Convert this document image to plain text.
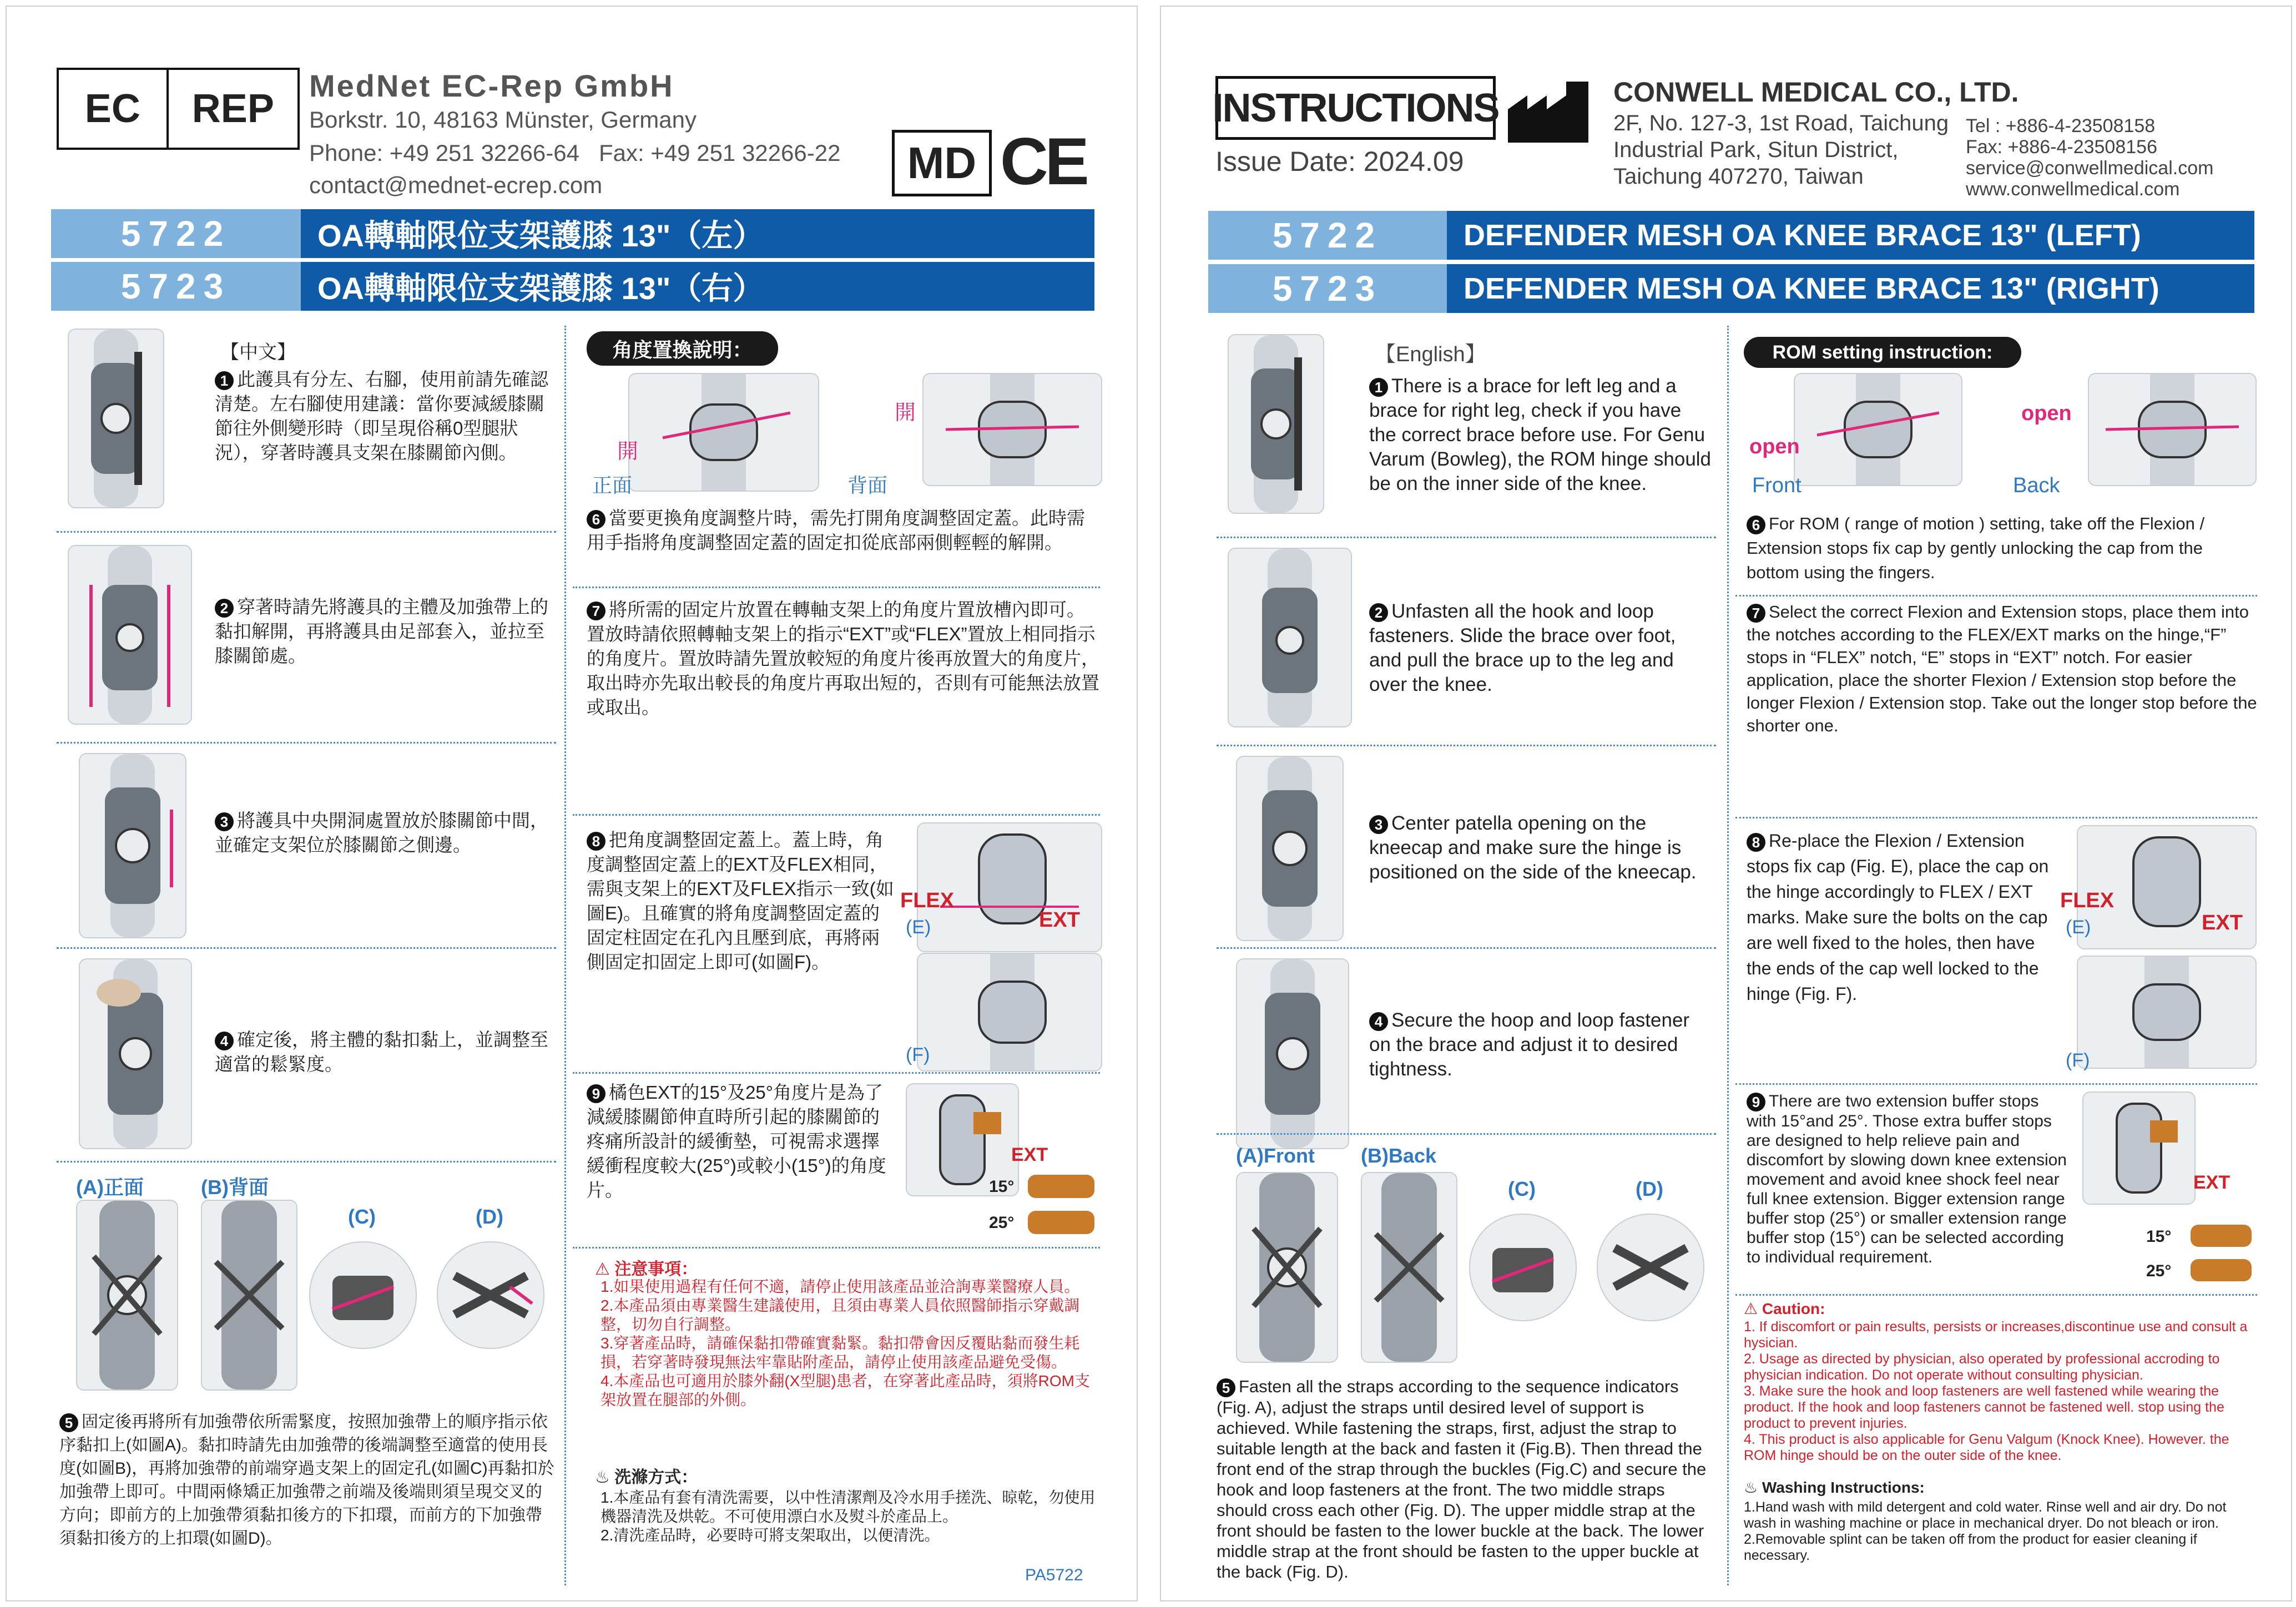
EC	REP
MedNet EC-Rep GmbH
Borkstr. 10, 48163 Münster, Germany
Phone: +49 251 32266-64   Fax: +49 251 32266-22
contact@mednet-ecrep.com	MD CE
5722	OA轉軸限位支架護膝 13"（左）
5723	OA轉軸限位支架護膝 13"（右）
【中文】
1 此護具有分左、右腳，使用前請先確認清楚。左右腳使用建議：當你要減緩膝關節往外側變形時（即呈現俗稱0型腿狀況），穿著時護具支架在膝關節內側。
2 穿著時請先將護具的主體及加強帶上的黏扣解開，再將護具由足部套入，並拉至膝關節處。
3 將護具中央開洞處置放於膝關節中間，並確定支架位於膝關節之側邊。
4 確定後，將主體的黏扣黏上，並調整至適當的鬆緊度。
(A)正面	(B)背面
(C)	(D)
5 固定後再將所有加強帶依所需緊度，按照加強帶上的順序指示依序黏扣上(如圖A)。黏扣時請先由加強帶的後端調整至適當的使用長度(如圖B)，再將加強帶的前端穿過支架上的固定孔(如圖C)再黏扣於加強帶上即可。中間兩條矯正加強帶之前端及後端則須呈現交叉的方向；即前方的上加強帶須黏扣後方的下扣環，而前方的下加強帶須黏扣後方的上扣環(如圖D)。
角度置換說明：
開
開
正面	背面
6 當要更換角度調整片時，需先打開角度調整固定蓋。此時需用手指將角度調整固定蓋的固定扣從底部兩側輕輕的解開。
7 將所需的固定片放置在轉軸支架上的角度片置放槽內即可。置放時請依照轉軸支架上的指示“EXT”或“FLEX”置放上相同指示的角度片。置放時請先置放較短的角度片後再放置大的角度片，取出時亦先取出較長的角度片再取出短的，否則有可能無法放置或取出。
8 把角度調整固定蓋上。蓋上時，角度調整固定蓋上的EXT及FLEX相同，需與支架上的EXT及FLEX指示一致(如圖E)。且確實的將角度調整固定蓋的固定柱固定在孔內且壓到底，再將兩側固定扣固定上即可(如圖F)。
FLEX
EXT
(E)
(F)
9 橘色EXT的15°及25°角度片是為了減緩膝關節伸直時所引起的膝關節的疼痛所設計的緩衝墊，可視需求選擇緩衝程度較大(25°)或較小(15°)的角度片。
EXT
15°
25°
⚠ 注意事項：
1.如果使用過程有任何不適，請停止使用該產品並洽詢專業醫療人員。
2.本產品須由專業醫生建議使用，且須由專業人員依照醫師指示穿戴調整，切勿自行調整。
3.穿著產品時，請確保黏扣帶確實黏緊。黏扣帶會因反覆貼黏而發生耗損，若穿著時發現無法牢靠貼附產品，請停止使用該產品避免受傷。
4.本產品也可適用於膝外翻(X型腿)患者，在穿著此產品時，須將ROM支架放置在腿部的外側。
♨ 洗滌方式：
1.本產品有套有清洗需要，以中性清潔劑及冷水用手搓洗、晾乾，勿使用機器清洗及烘乾。不可使用漂白水及熨斗於產品上。
2.清洗產品時，必要時可將支架取出，以便清洗。
PA5722
INSTRUCTIONS
Issue Date: 2024.09
CONWELL MEDICAL CO., LTD.
2F, No. 127-3, 1st Road, Taichung
Industrial Park, Situn District,
Taichung 407270, Taiwan
Tel : +886-4-23508158
Fax: +886-4-23508156
service@conwellmedical.com
www.conwellmedical.com
5722	DEFENDER MESH OA KNEE BRACE 13" (LEFT)
5723	DEFENDER MESH OA KNEE BRACE 13" (RIGHT)
【English】
1 There is a brace for left leg and a brace for right leg, check if you have the correct brace before use. For Genu Varum (Bowleg), the ROM hinge should be on the inner side of the knee.
2 Unfasten all the hook and loop fasteners. Slide the brace over foot, and pull the brace up to the leg and over the knee.
3 Center patella opening on the kneecap and make sure the hinge is positioned on the side of the kneecap.
4 Secure the hoop and loop fastener on the brace and adjust it to desired tightness.
(A)Front (B)Back
(C)	(D)
5 Fasten all the straps according to the sequence indicators (Fig. A), adjust the straps until desired level of support is achieved. While fastening the straps, first, adjust the strap to suitable length at the back and fasten it (Fig.B). Then thread the front end of the strap through the buckles (Fig.C) and secure the hook and loop fasteners at the front. The two middle straps should cross each other (Fig. D). The upper middle strap at the front should be fasten to the lower buckle at the back. The lower middle strap at the front should be fasten to the upper buckle at the back (Fig. D).
ROM setting instruction:
open
open
Front	Back
6 For ROM ( range of motion ) setting, take off the Flexion / Extension stops fix cap by gently unlocking the cap from the bottom using the fingers.
7 Select the correct Flexion and Extension stops, place them into the notches according to the FLEX/EXT marks on the hinge,“F” stops in “FLEX” notch, “E” stops in “EXT” notch. For easier application, place the shorter Flexion / Extension stop before the longer Flexion / Extension stop. Take out the longer stop before the shorter one.
8 Re-place the Flexion / Extension stops fix cap (Fig. E), place the cap on the hinge accordingly to FLEX / EXT marks. Make sure the bolts on the cap are well fixed to the holes, then have the ends of the cap well locked to the hinge (Fig. F).
FLEX
EXT
(E)
(F)
9 There are two extension buffer stops with 15°and 25°. Those extra buffer stops are designed to help relieve pain and discomfort by slowing down knee extension movement and avoid knee shock feel near full knee extension. Bigger extension range buffer stop (25°) or smaller extension range buffer stop (15°) can be selected according to individual requirement.
EXT
15°
25°
⚠ Caution:
1. If discomfort or pain results, persists or increases,discontinue use and consult a hysician.
2. Usage as directed by physician, also operated by professional accroding to physician indication. Do not operate without consulting physician.
3. Make sure the hook and loop fasteners are well fastened while wearing the product. If the hook and loop fasteners cannot be fastened well. stop using the product to prevent injuries.
4. This product is also applicable for Genu Valgum (Knock Knee). However. the ROM hinge should be on the outer side of the knee.
♨ Washing Instructions:
1.Hand wash with mild detergent and cold water. Rinse well and air dry. Do not wash in washing machine or place in mechanical dryer. Do not bleach or iron.
2.Removable splint can be taken off from the product for easier cleaning if necessary.
